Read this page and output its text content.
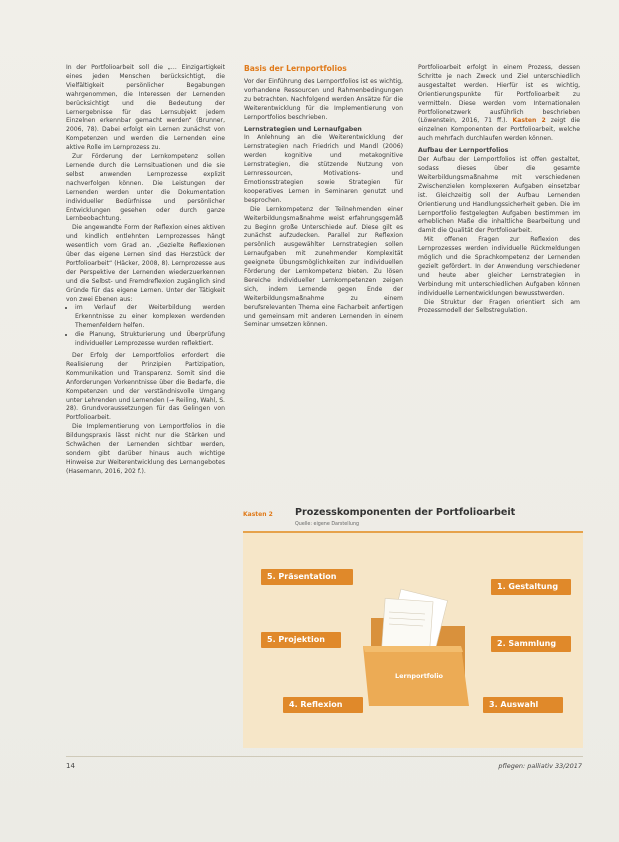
In der Portfolioarbeit soll die „… Einzigartigkeit eines jeden Menschen berücksichtigt, die Vielfältigkeit persönlicher Begabungen wahrgenommen, die Interessen der Lernenden berücksichtigt und die Bedeutung der Lernergebnisse für das Lernsubjekt jedem Einzelnen erkennbar gemacht werden“ (Brunner, 2006, 78). Dabei erfolgt ein Lernen zunächst von Kompetenzen und werden die Lernenden eine aktive Rolle im Lernprozess zu.

Zur Förderung der Lernkompetenz sollen Lernende durch die Lernsituationen und die sie selbst anwenden Lernprozesse explizit nachverfolgen können. Die Leistungen der Lernenden werden unter die Dokumentation individueller Bedürfnisse und persönlicher Entwicklungen gesehen oder durch ganze Lernbeobachtung.

Die angewandte Form der Reflexion eines aktiven und kindlich entlehnten Lernprozesses hängt wesentlich vom Grad an. „Gezielte Reflexionen über das eigene Lernen sind das Herzstück der Portfolioarbeit“ (Häcker, 2008, 8). Lernprozesse aus der Perspektive der Lernenden wiederzuerkennen und die Selbst- und Fremdreflexion zugänglich sind Gründe für das eigene Lernen. Unter der Tätigkeit von zwei Ebenen aus:

• im Verlauf der Weiterbildung werden Erkenntnisse zu einer komplexen werdenden Themenfeldern helfen.
• die Planung, Strukturierung und Überprüfung individueller Lernprozesse wurden reflektiert.

Der Erfolg der Lernportfolios erfordert die Realisierung der Prinzipien Partizipation, Kommunikation und Transparenz. Somit sind die Anforderungen Vorkenntnisse über die Bedarfe, die Kompetenzen und der verständnisvolle Umgang unter Lehrenden und Lernenden (→ Reiling, Wahl, S. 28). Grundvoraussetzungen für das Gelingen von Portfolioarbeit.

Die Implementierung von Lernportfolios in die Bildungspraxis lässt nicht nur die Stärken und Schwächen der Lernenden sichtbar werden, sondern gibt darüber hinaus auch wichtige Hinweise zur Weiterentwicklung des Lernangebotes (Hasemann, 2016, 202 f.).

Basis der Lernportfolios

Vor der Einführung des Lernportfolios ist es wichtig, vorhandene Ressourcen und Rahmenbedingungen zu betrachten. Nachfolgend werden Ansätze für die Weiterentwicklung für die Implementierung von Lernportfolios beschrieben.

Lernstrategien und Lernaufgaben

In Anlehnung an die Weiterentwicklung der Lernstrategien nach Friedrich und Mandl (2006) werden kognitive und metakognitive Lernstrategien, die stützende Nutzung von Lernressourcen, Motivations- und Emotionsstrategien sowie Strategien für kooperatives Lernen in Seminaren genutzt und besprochen.

Die Lernkompetenz der Teilnehmenden einer Weiterbildungsmaßnahme weist erfahrungsgemäß zu Beginn große Unterschiede auf. Diese gilt es zunächst aufzudecken. Parallel zur Reflexion persönlich ausgewählter Lernstrategien sollen Lernaufgaben mit zunehmender Komplexität geeignete Übungsmöglichkeiten zur individuellen Förderung der Lernkompetenz bieten. Zu lösen Bereiche individueller Lernkompetenzen zeigen sich, indem Lernende gegen Ende der Weiterbildungsmaßnahme zu einem berufsrelevanten Thema eine Facharbeit anfertigen und gemeinsam mit anderen Lernenden in einem Seminar umsetzen können.

Portfolioarbeit erfolgt in einem Prozess, dessen Schritte je nach Zweck und Ziel unterschiedlich ausgestaltet werden. Hierfür ist es wichtig, Orientierungspunkte für Portfolioarbeit zu vermitteln. Diese werden vom Internationalen Portfolionetzwerk ausführlich beschrieben (Löwenstein, 2016, 71 ff.). Kasten 2 zeigt die einzelnen Komponenten der Portfolioarbeit, welche auch mehrfach durchlaufen werden können.

Aufbau der Lernportfolios

Der Aufbau der Lernportfolios ist offen gestaltet, sodass dieses über die gesamte Weiterbildungsmaßnahme mit verschiedenen Zwischenzielen komplexeren Aufgaben einsetzbar ist. Gleichzeitig soll der Aufbau Lernenden Orientierung und Handlungssicherheit geben. Die im Lernportfolio festgelegten Aufgaben bestimmen im erheblichen Maße die inhaltliche Bearbeitung und damit die Qualität der Portfolioarbeit.

Mit offenen Fragen zur Reflexion des Lernprozesses werden individuelle Rückmeldungen möglich und die Sprachkompetenz der Lernenden gezielt gefördert. In der Anwendung verschiedener und heute aber gleicher Lernstrategien in Verbindung mit unterschiedlichen Aufgaben können individuelle Lernentwicklungen bewusstwerden.

Die Struktur der Fragen orientiert sich am Prozessmodell der Selbstregulation.

Kasten 2 Prozesskomponenten der Portfolioarbeit
Quelle: eigene Darstellung
1. Gestaltung
2. Sammlung
3. Auswahl
4. Reflexion
5. Projektion
5. Präsentation
Lernportfolio
14	pflegen: palliativ 33/2017
